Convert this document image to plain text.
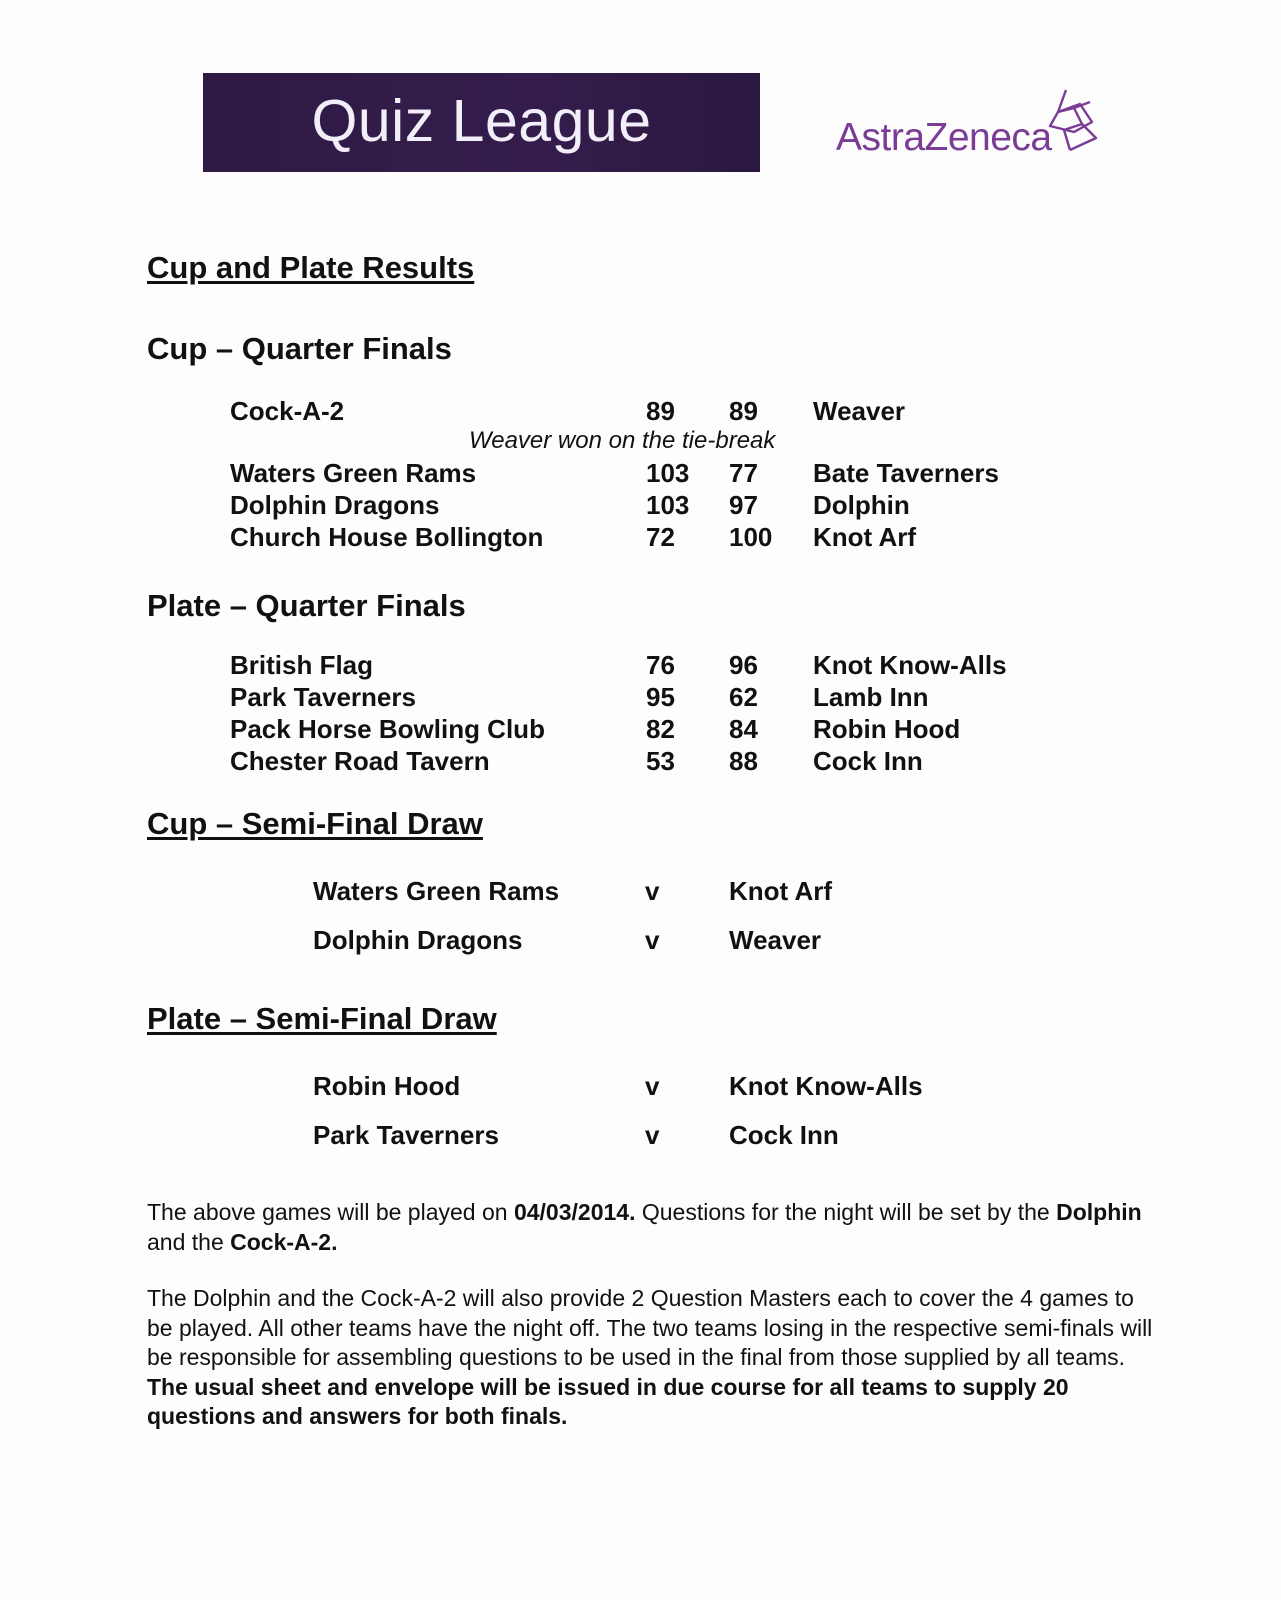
Quiz League	AstraZeneca
Cup and Plate Results
Cup – Quarter Finals
Cock-A-2	89 89 Weaver
Weaver won on the tie-break
Waters Green Rams	103 77 Bate Taverners
Dolphin Dragons	103 97 Dolphin
Church House Bollington	72 100 Knot Arf
Plate – Quarter Finals
British Flag	76 96 Knot Know-Alls
Park Taverners	95 62 Lamb Inn
Pack Horse Bowling Club	82 84 Robin Hood
Chester Road Tavern	53 88 Cock Inn
Cup – Semi-Final Draw
Waters Green Rams	v	Knot Arf
Dolphin Dragons	v	Weaver
Plate – Semi-Final Draw
Robin Hood	v	Knot Know-Alls
Park Taverners	v	Cock Inn

The above games will be played on 04/03/2014. Questions for the night will be set by the Dolphin and the Cock-A-2.

The Dolphin and the Cock-A-2 will also provide 2 Question Masters each to cover the 4 games to be played. All other teams have the night off. The two teams losing in the respective semi-finals will be responsible for assembling questions to be used in the final from those supplied by all teams. The usual sheet and envelope will be issued in due course for all teams to supply 20 questions and answers for both finals.
